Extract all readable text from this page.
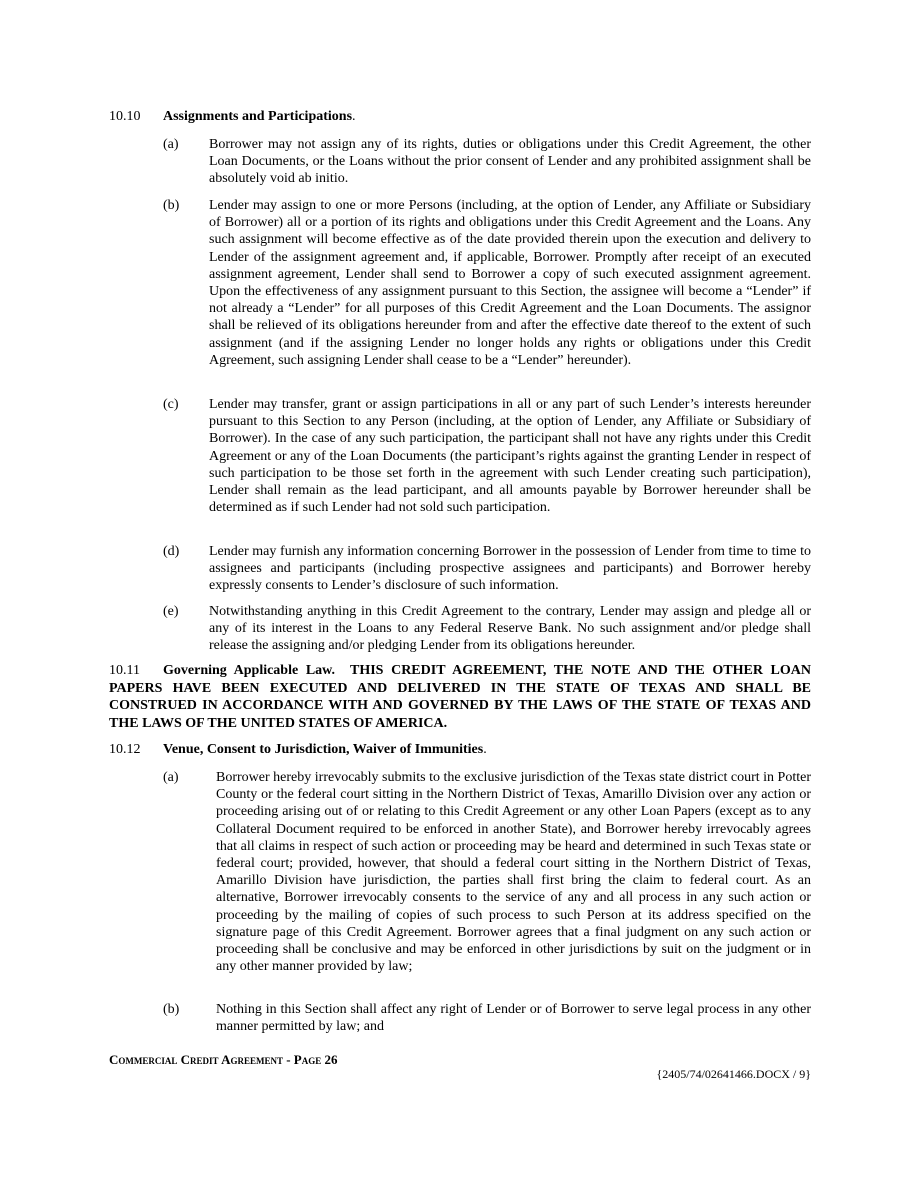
10.10 Assignments and Participations.
(a) Borrower may not assign any of its rights, duties or obligations under this Credit Agreement, the other Loan Documents, or the Loans without the prior consent of Lender and any prohibited assignment shall be absolutely void ab initio.
(b) Lender may assign to one or more Persons (including, at the option of Lender, any Affiliate or Subsidiary of Borrower) all or a portion of its rights and obligations under this Credit Agreement and the Loans. Any such assignment will become effective as of the date provided therein upon the execution and delivery to Lender of the assignment agreement and, if applicable, Borrower. Promptly after receipt of an executed assignment agreement, Lender shall send to Borrower a copy of such executed assignment agreement. Upon the effectiveness of any assignment pursuant to this Section, the assignee will become a “Lender” if not already a “Lender” for all purposes of this Credit Agreement and the Loan Documents. The assignor shall be relieved of its obligations hereunder from and after the effective date thereof to the extent of such assignment (and if the assigning Lender no longer holds any rights or obligations under this Credit Agreement, such assigning Lender shall cease to be a “Lender” hereunder).
(c) Lender may transfer, grant or assign participations in all or any part of such Lender’s interests hereunder pursuant to this Section to any Person (including, at the option of Lender, any Affiliate or Subsidiary of Borrower). In the case of any such participation, the participant shall not have any rights under this Credit Agreement or any of the Loan Documents (the participant’s rights against the granting Lender in respect of such participation to be those set forth in the agreement with such Lender creating such participation), Lender shall remain as the lead participant, and all amounts payable by Borrower hereunder shall be determined as if such Lender had not sold such participation.
(d) Lender may furnish any information concerning Borrower in the possession of Lender from time to time to assignees and participants (including prospective assignees and participants) and Borrower hereby expressly consents to Lender’s disclosure of such information.
(e) Notwithstanding anything in this Credit Agreement to the contrary, Lender may assign and pledge all or any of its interest in the Loans to any Federal Reserve Bank. No such assignment and/or pledge shall release the assigning and/or pledging Lender from its obligations hereunder.
10.11 Governing Applicable Law.  THIS CREDIT AGREEMENT, THE NOTE AND THE OTHER LOAN PAPERS HAVE BEEN EXECUTED AND DELIVERED IN THE STATE OF TEXAS AND SHALL BE CONSTRUED IN ACCORDANCE WITH AND GOVERNED BY THE LAWS OF THE STATE OF TEXAS AND THE LAWS OF THE UNITED STATES OF AMERICA.
10.12 Venue, Consent to Jurisdiction, Waiver of Immunities.
(a)	Borrower hereby irrevocably submits to the exclusive jurisdiction of the Texas state district court in Potter County or the federal court sitting in the Northern District of Texas, Amarillo Division over any action or proceeding arising out of or relating to this Credit Agreement or any other Loan Papers (except as to any Collateral Document required to be enforced in another State), and Borrower hereby irrevocably agrees that all claims in respect of such action or proceeding may be heard and determined in such Texas state or federal court; provided, however, that should a federal court sitting in the Northern District of Texas, Amarillo Division have jurisdiction, the parties shall first bring the claim to federal court. As an alternative, Borrower irrevocably consents to the service of any and all process in any such action or proceeding by the mailing of copies of such process to such Person at its address specified on the signature page of this Credit Agreement. Borrower agrees that a final judgment on any such action or proceeding shall be conclusive and may be enforced in other jurisdictions by suit on the judgment or in any other manner provided by law;
(b)	Nothing in this Section shall affect any right of Lender or of Borrower to serve legal process in any other manner permitted by law; and
Commercial Credit Agreement - Page 26
{2405/74/02641466.DOCX / 9}
